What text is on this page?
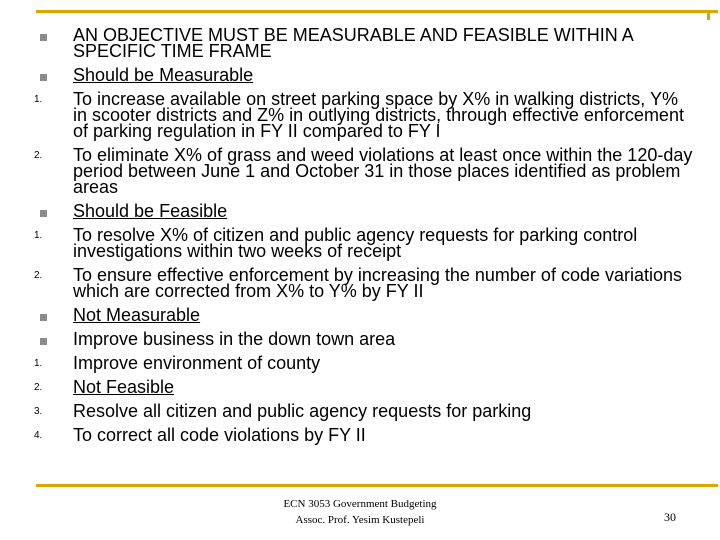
AN OBJECTIVE MUST BE MEASURABLE AND FEASIBLE WITHIN A SPECIFIC TIME FRAME
Should be Measurable
1.	To increase available on street parking space by X% in walking districts, Y% in scooter districts and Z% in outlying districts, through effective enforcement of parking regulation in FY II compared to FY I
2.	To eliminate X% of grass and weed violations at least once within the 120-day period between June 1 and October 31 in those places identified as problem areas
Should be Feasible
1.	To resolve X% of citizen and public agency requests for parking control investigations within two weeks of receipt
2.	To ensure effective enforcement by increasing the number of code variations which are corrected from X% to Y% by FY II
Not Measurable
Improve business in the down town area
1.	Improve environment of county
2.	Not Feasible
3.	Resolve all citizen and public agency requests for parking
4.	To correct all code violations by FY II
ECN 3053 Government Budgeting
Assoc. Prof. Yesim Kustepeli	30
